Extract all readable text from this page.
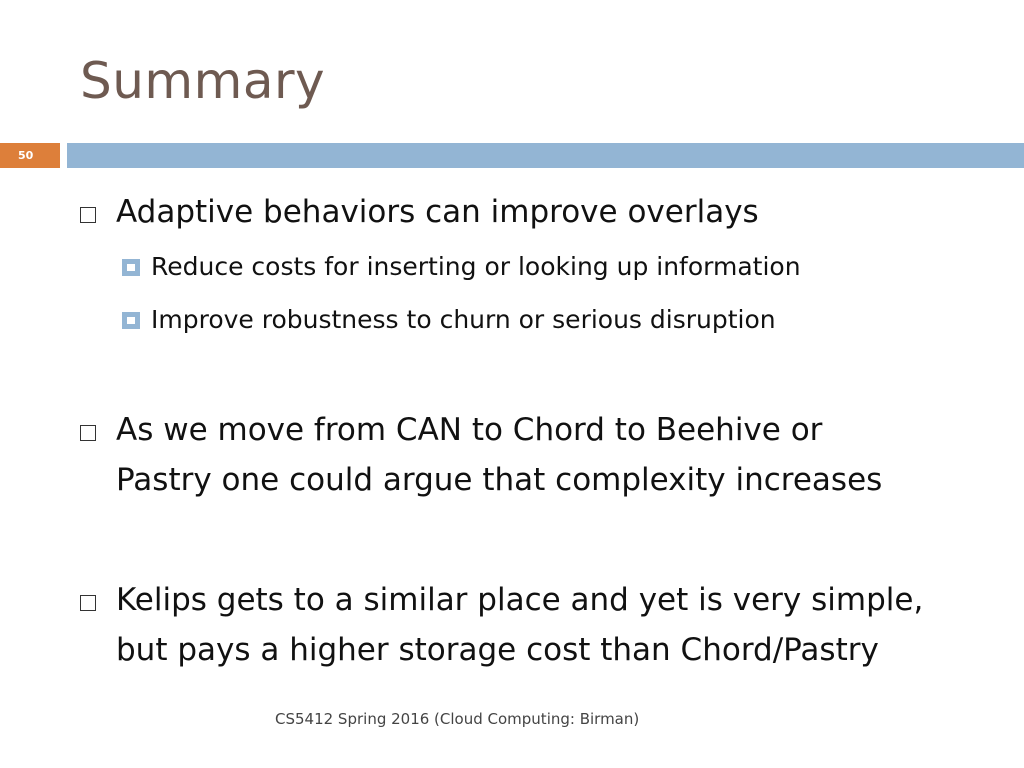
Summary
50
Adaptive behaviors can improve overlays
Reduce costs for inserting or looking up information
Improve robustness to churn or serious disruption
As we move from CAN to Chord to Beehive or
Pastry one could argue that complexity increases
Kelips gets to a similar place and yet is very simple,
but pays a higher storage cost than Chord/Pastry
CS5412 Spring 2016 (Cloud Computing: Birman)
